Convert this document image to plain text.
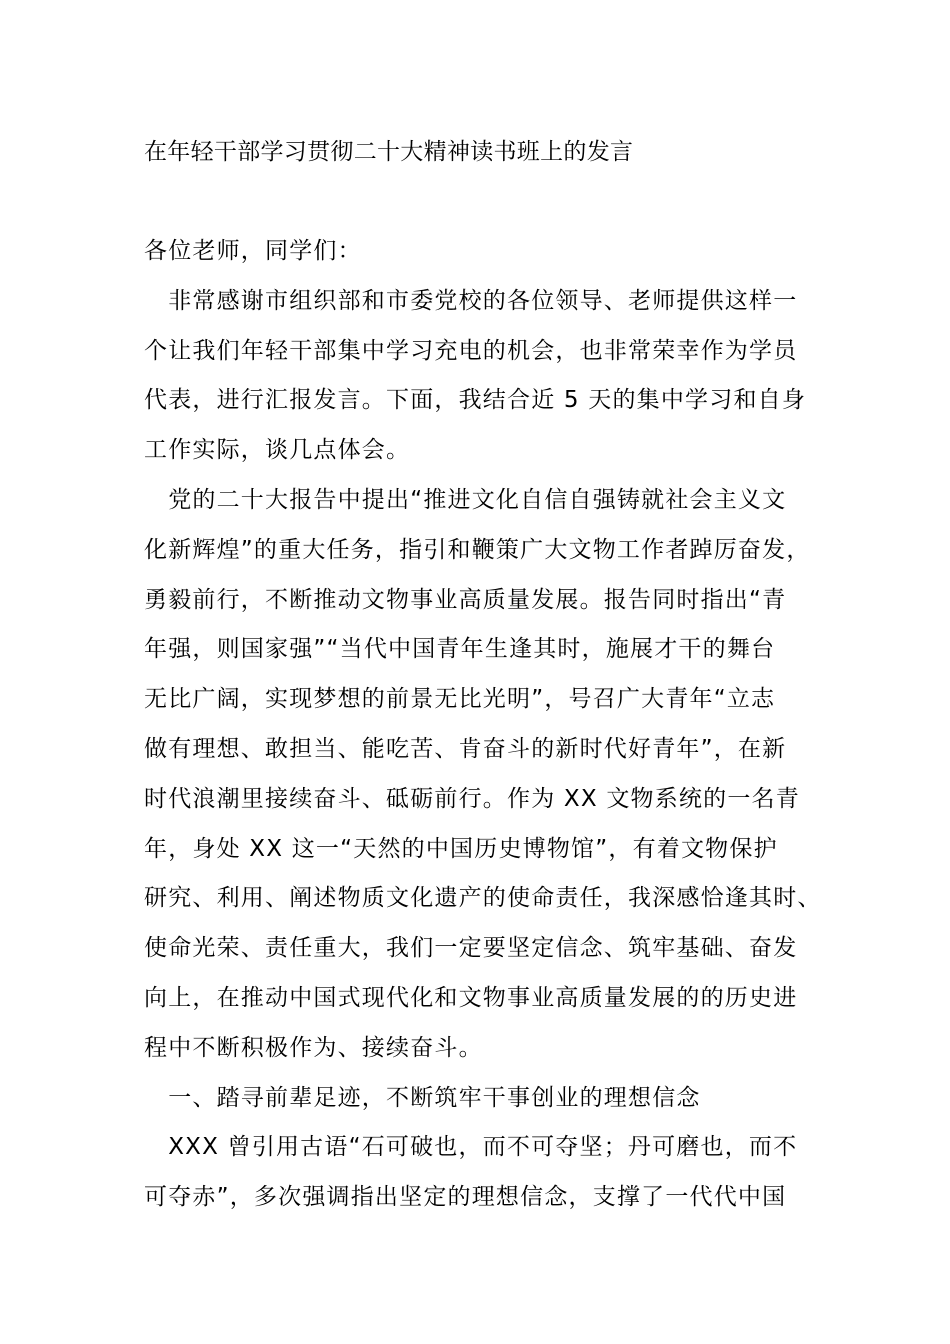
在年轻干部学习贯彻二十大精神读书班上的发言
各位老师，同学们：
　非常感谢市组织部和市委党校的各位领导、老师提供这样一
个让我们年轻干部集中学习充电的机会，也非常荣幸作为学员
代表，进行汇报发言。下面，我结合近 5 天的集中学习和自身
工作实际，谈几点体会。
　党的二十大报告中提出“推进文化自信自强铸就社会主义文
化新辉煌”的重大任务，指引和鞭策广大文物工作者踔厉奋发，
勇毅前行，不断推动文物事业高质量发展。报告同时指出“青
年强，则国家强”“当代中国青年生逢其时，施展才干的舞台
无比广阔，实现梦想的前景无比光明”，号召广大青年“立志
做有理想、敢担当、能吃苦、肯奋斗的新时代好青年”，在新
时代浪潮里接续奋斗、砥砺前行。作为 XX 文物系统的一名青
年，身处 XX 这一“天然的中国历史博物馆”，有着文物保护
研究、利用、阐述物质文化遗产的使命责任，我深感恰逢其时、
使命光荣、责任重大，我们一定要坚定信念、筑牢基础、奋发
向上，在推动中国式现代化和文物事业高质量发展的的历史进
程中不断积极作为、接续奋斗。
　一、踏寻前辈足迹，不断筑牢干事创业的理想信念
　XXX 曾引用古语“石可破也，而不可夺坚；丹可磨也，而不
可夺赤”，多次强调指出坚定的理想信念，支撑了一代代中国
